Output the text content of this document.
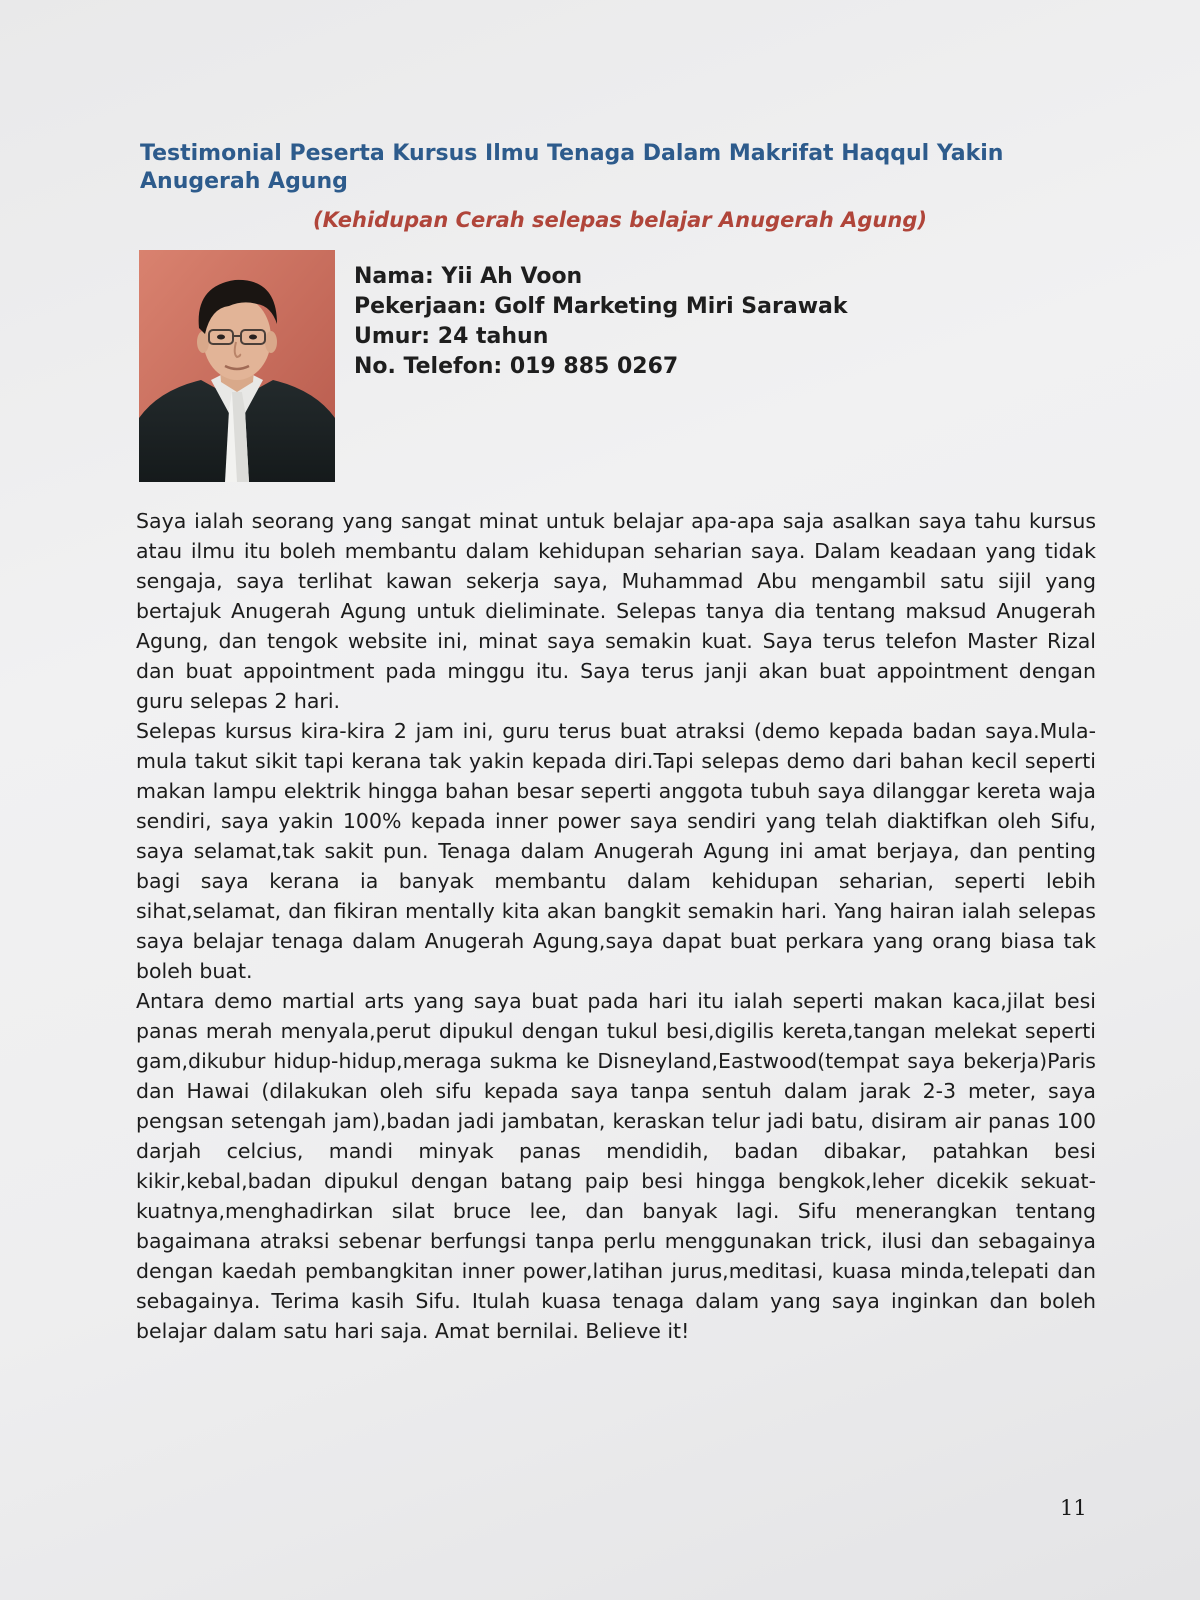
Testimonial Peserta Kursus Ilmu Tenaga Dalam Makrifat Haqqul Yakin Anugerah Agung
(Kehidupan Cerah selepas belajar Anugerah Agung)
Nama: Yii Ah Voon
Pekerjaan: Golf Marketing Miri Sarawak
Umur: 24 tahun
No. Telefon: 019 885 0267

Saya ialah seorang yang sangat minat untuk belajar apa-apa saja asalkan saya tahu kursus atau ilmu itu boleh membantu dalam kehidupan seharian saya. Dalam keadaan yang tidak sengaja, saya terlihat kawan sekerja saya, Muhammad Abu mengambil satu sijil yang bertajuk Anugerah Agung untuk dieliminate. Selepas tanya dia tentang maksud Anugerah Agung, dan tengok website ini, minat saya semakin kuat. Saya terus telefon Master Rizal dan buat appointment pada minggu itu. Saya terus janji akan buat appointment dengan guru selepas 2 hari.

Selepas kursus kira-kira 2 jam ini, guru terus buat atraksi (demo kepada badan saya.Mula-mula takut sikit tapi kerana tak yakin kepada diri.Tapi selepas demo dari bahan kecil seperti makan lampu elektrik hingga bahan besar seperti anggota tubuh saya dilanggar kereta waja sendiri, saya yakin 100% kepada inner power saya sendiri yang telah diaktifkan oleh Sifu, saya selamat,tak sakit pun. Tenaga dalam Anugerah Agung ini amat berjaya, dan penting bagi saya kerana ia banyak membantu dalam kehidupan seharian, seperti lebih sihat,selamat, dan fikiran mentally kita akan bangkit semakin hari. Yang hairan ialah selepas saya belajar tenaga dalam Anugerah Agung,saya dapat buat perkara yang orang biasa tak boleh buat.

Antara demo martial arts yang saya buat pada hari itu ialah seperti makan kaca,jilat besi panas merah menyala,perut dipukul dengan tukul besi,digilis kereta,tangan melekat seperti gam,dikubur hidup-hidup,meraga sukma ke Disneyland,Eastwood(tempat saya bekerja)Paris dan Hawai (dilakukan oleh sifu kepada saya tanpa sentuh dalam jarak 2-3 meter, saya pengsan setengah jam),badan jadi jambatan, keraskan telur jadi batu, disiram air panas 100 darjah celcius, mandi minyak panas mendidih, badan dibakar, patahkan besi kikir,kebal,badan dipukul dengan batang paip besi hingga bengkok,leher dicekik sekuat-kuatnya,menghadirkan silat bruce lee, dan banyak lagi. Sifu menerangkan tentang bagaimana atraksi sebenar berfungsi tanpa perlu menggunakan trick, ilusi dan sebagainya dengan kaedah pembangkitan inner power,latihan jurus,meditasi, kuasa minda,telepati dan sebagainya. Terima kasih Sifu. Itulah kuasa tenaga dalam yang saya inginkan dan boleh belajar dalam satu hari saja. Amat bernilai. Believe it!

11
